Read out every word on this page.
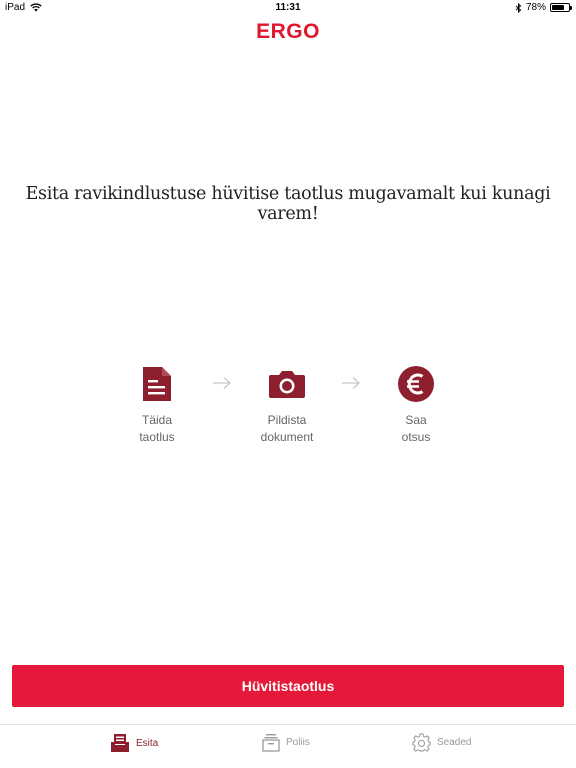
iPad	11:31	78%
ERGO
Esita ravikindlustuse hüvitise taotlus mugavamalt kui kunagi varem!
Täida
taotlus
Pildista
dokument
Saa
otsus
Hüvitistaotlus
Esita	Poliis	Seaded
